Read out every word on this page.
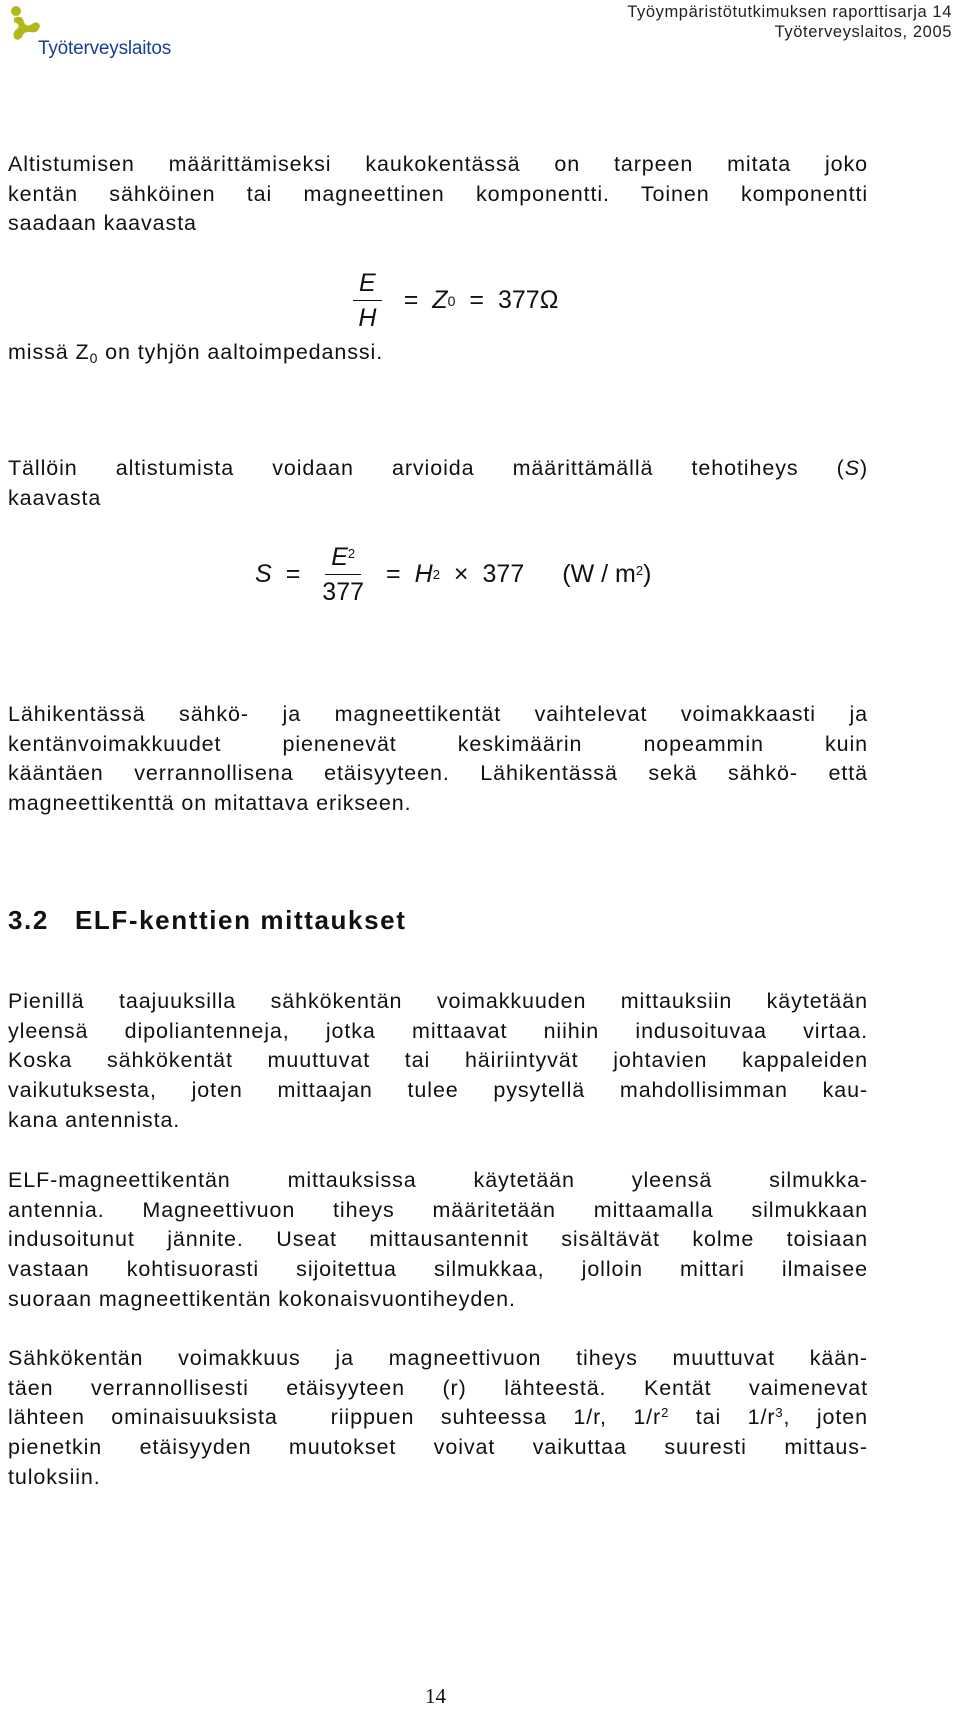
Työterveyslaitos
Työympäristötutkimuksen raporttisarja 14
Työterveyslaitos, 2005
Altistumisen määrittämiseksi kaukokentässä on tarpeen mitata joko
kentän sähköinen tai magneettinen komponentti. Toinen komponentti
saadaan kaavasta
$\frac{E}{H} = Z$ 0 = 377Ω
missä $Z_0$ on tyhjön aaltoimpedanssi.
Tällöin altistumista voidaan arvioida määrittämällä tehotiheys (S)
kaavasta
$S = \frac{E^2}{377} = H$ 2 × 377 $(W / m^2)$
Lähikentässä sähkö- ja magneettikentät vaihtelevat voimakkaasti ja
kentänvoimakkuudet pienenevät keskimäärin nopeammin kuin
kääntäen verrannollisena etäisyyteen. Lähikentässä sekä sähkö- että
magneettikenttä on mitattava erikseen.
3.2 ELF-kenttien mittaukset
Pienillä taajuuksilla sähkökentän voimakkuuden mittauksiin käytetään
yleensä dipoliantenneja, jotka mittaavat niihin indusoituvaa virtaa.
Koska sähkökentät muuttuvat tai häiriintyvät johtavien kappaleiden
vaikutuksesta, joten mittaajan tulee pysytellä mahdollisimman kau-
kana antennista.
ELF-magneettikentän mittauksissa käytetään yleensä silmukka-
antennia. Magneettivuon tiheys määritetään mittaamalla silmukkaan
indusoitunut jännite. Useat mittausantennit sisältävät kolme toisiaan
vastaan kohtisuorasti sijoitettua silmukkaa, jolloin mittari ilmaisee
suoraan magneettikentän kokonaisvuontiheyden.
Sähkökentän voimakkuus ja magneettivuon tiheys muuttuvat kään-
täen verrannollisesti etäisyyteen (r) lähteestä. Kentät vaimenevat
lähteen ominaisuuksista  riippuen suhteessa 1/r, $1/r^2$ tai $1/r^3$, joten
pienetkin etäisyyden muutokset voivat vaikuttaa suuresti mittaus-
tuloksiin.
14
